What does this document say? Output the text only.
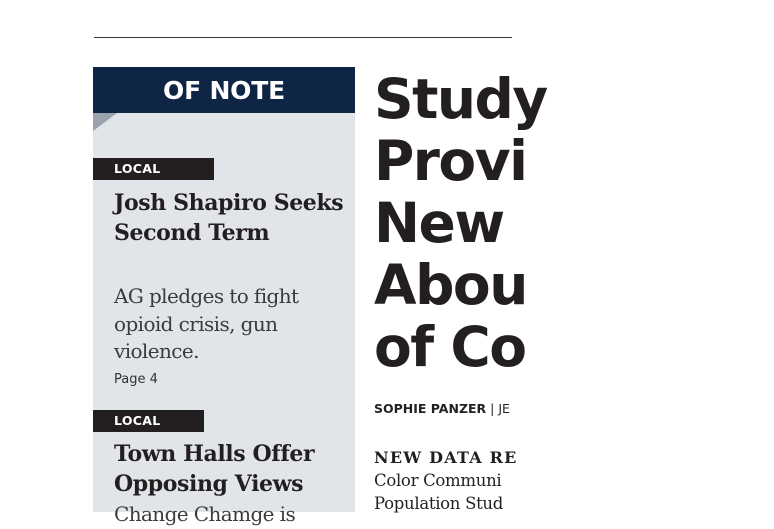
OF NOTE
LOCAL
Josh Shapiro Seeks Second Term
AG pledges to fight opioid crisis, gun violence.
Page 4
LOCAL
Town Halls Offer Opposing Views
Change Chamge is
Study
Provi
New
Abou
of Co
SOPHIE PANZER | JE
NEW DATA RE
Color Communi
Population Stud
